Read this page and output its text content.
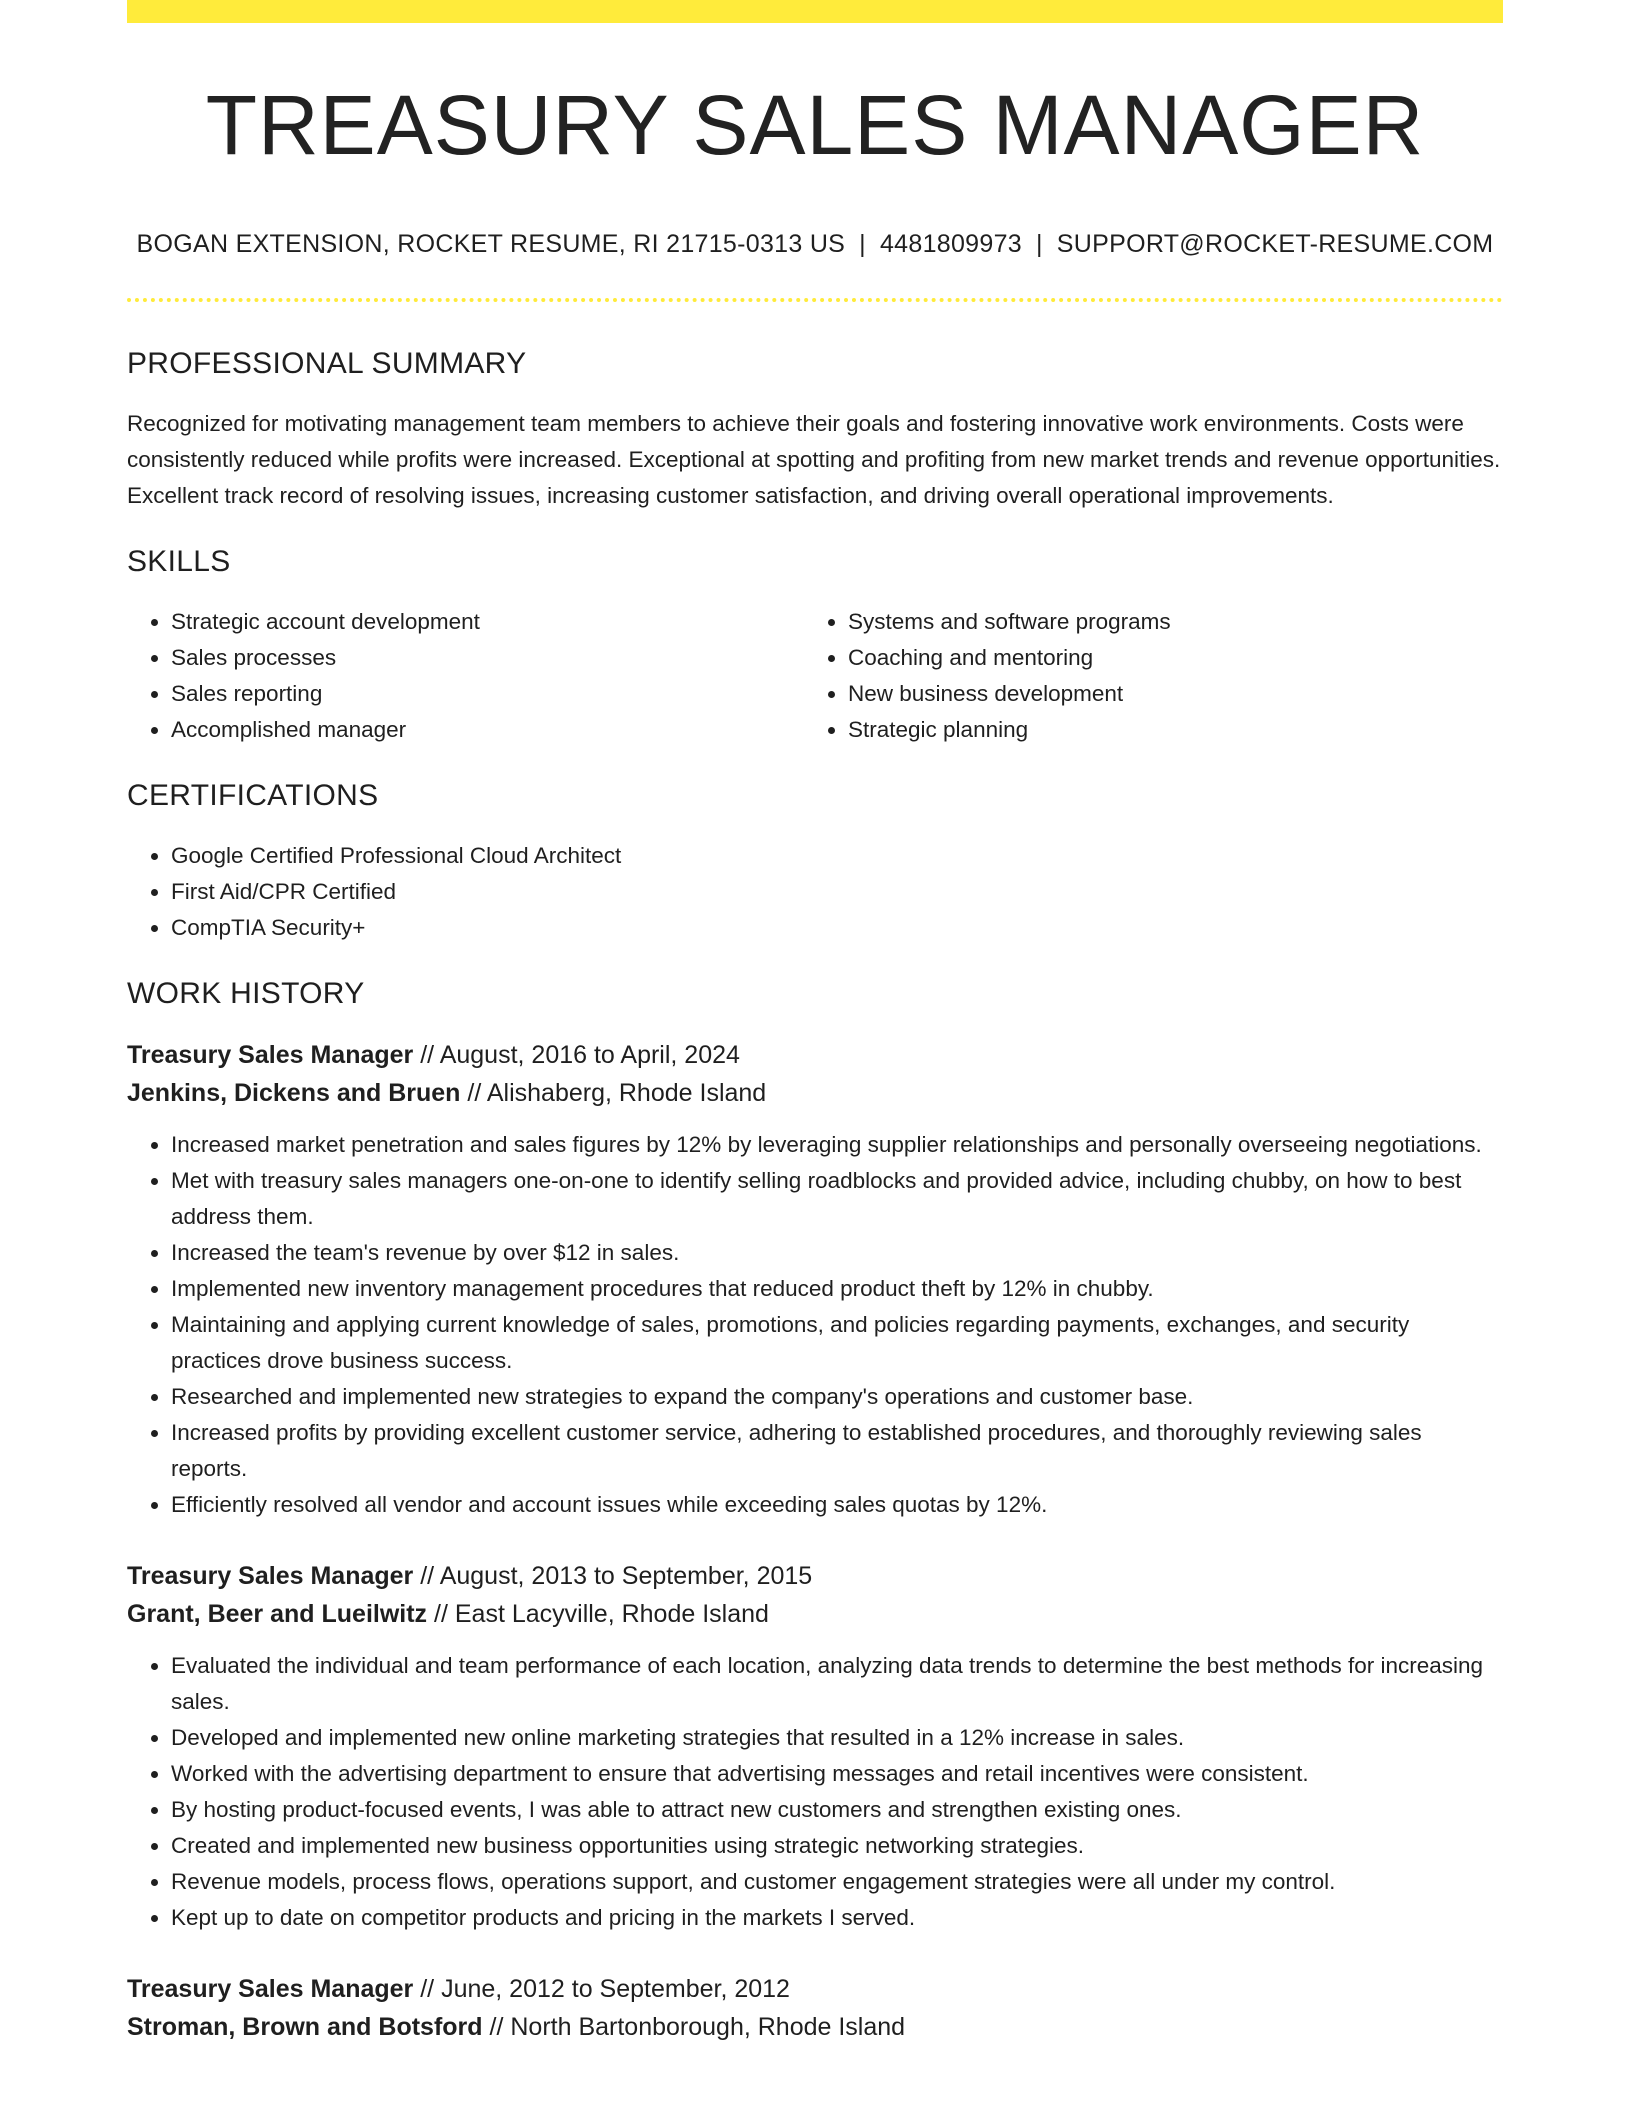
TREASURY SALES MANAGER
BOGAN EXTENSION, ROCKET RESUME, RI 21715-0313 US | 4481809973 | SUPPORT@ROCKET-RESUME.COM
PROFESSIONAL SUMMARY

Recognized for motivating management team members to achieve their goals and fostering innovative work environments. Costs were consistently reduced while profits were increased. Exceptional at spotting and profiting from new market trends and revenue opportunities. Excellent track record of resolving issues, increasing customer satisfaction, and driving overall operational improvements.

SKILLS
• Strategic account development
• Sales processes
• Sales reporting
• Accomplished manager
• Systems and software programs
• Coaching and mentoring
• New business development
• Strategic planning
CERTIFICATIONS
• Google Certified Professional Cloud Architect
• First Aid/CPR Certified
• CompTIA Security+
WORK HISTORY
Treasury Sales Manager // August, 2016 to April, 2024
Jenkins, Dickens and Bruen // Alishaberg, Rhode Island
• Increased market penetration and sales figures by 12% by leveraging supplier relationships and personally overseeing negotiations.
• Met with treasury sales managers one-on-one to identify selling roadblocks and provided advice, including chubby, on how to best address them.
• Increased the team's revenue by over $12 in sales.
• Implemented new inventory management procedures that reduced product theft by 12% in chubby.
• Maintaining and applying current knowledge of sales, promotions, and policies regarding payments, exchanges, and security practices drove business success.
• Researched and implemented new strategies to expand the company's operations and customer base.
• Increased profits by providing excellent customer service, adhering to established procedures, and thoroughly reviewing sales reports.
• Efficiently resolved all vendor and account issues while exceeding sales quotas by 12%.
Treasury Sales Manager // August, 2013 to September, 2015
Grant, Beer and Lueilwitz // East Lacyville, Rhode Island
• Evaluated the individual and team performance of each location, analyzing data trends to determine the best methods for increasing sales.
• Developed and implemented new online marketing strategies that resulted in a 12% increase in sales.
• Worked with the advertising department to ensure that advertising messages and retail incentives were consistent.
• By hosting product-focused events, I was able to attract new customers and strengthen existing ones.
• Created and implemented new business opportunities using strategic networking strategies.
• Revenue models, process flows, operations support, and customer engagement strategies were all under my control.
• Kept up to date on competitor products and pricing in the markets I served.
Treasury Sales Manager // June, 2012 to September, 2012
Stroman, Brown and Botsford // North Bartonborough, Rhode Island
